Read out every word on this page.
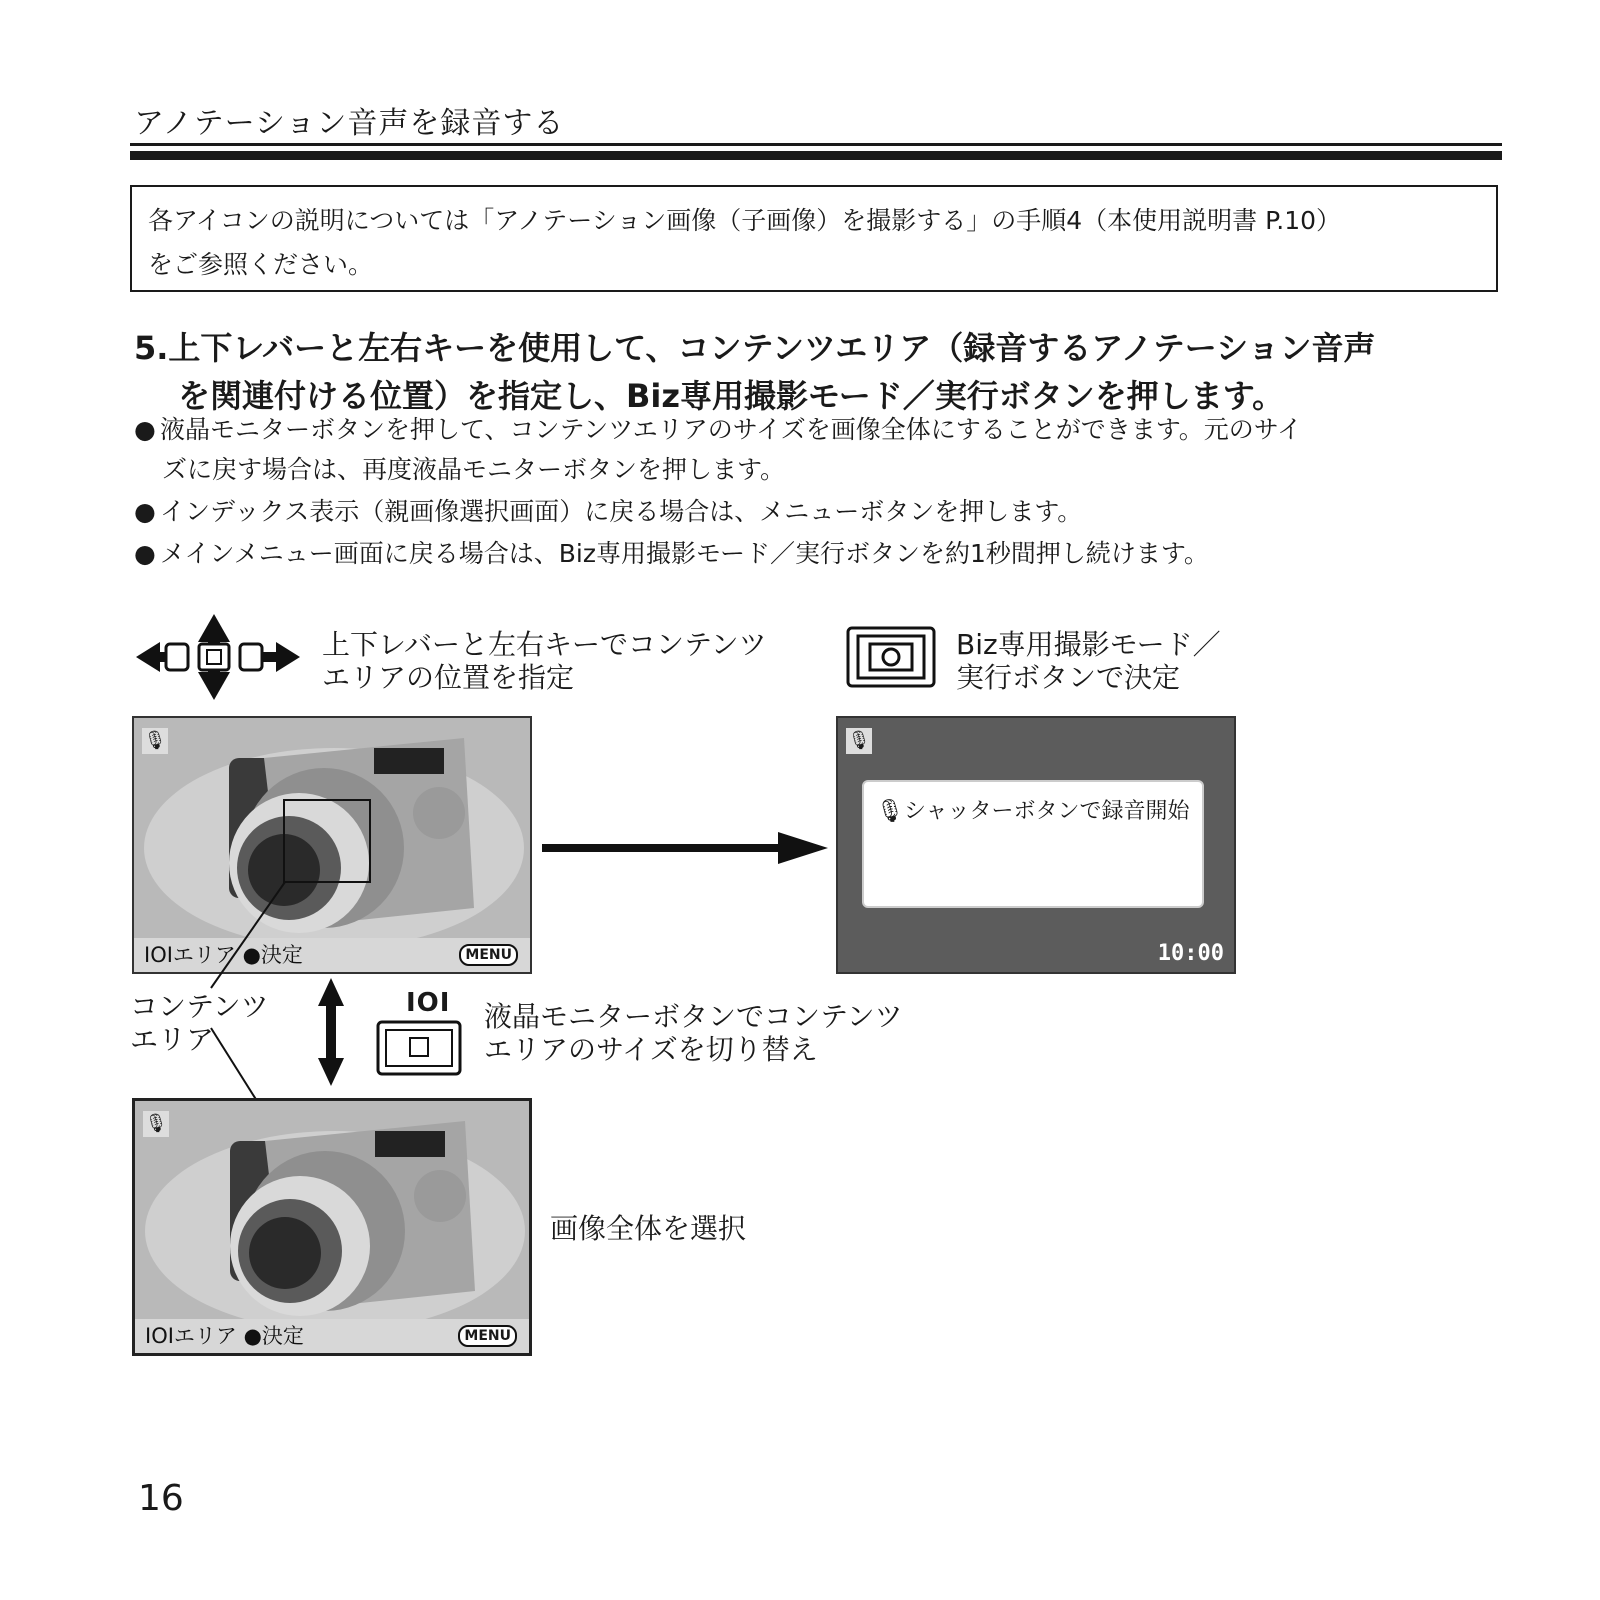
アノテーション音声を録音する
各アイコンの説明については「アノテーション画像（子画像）を撮影する」の手順4（本使用説明書 P.10）
をご参照ください。
5.上下レバーと左右キーを使用して、コンテンツエリア（録音するアノテーション音声
を関連付ける位置）を指定し、Biz専用撮影モード／実行ボタンを押します。
● 液晶モニターボタンを押して、コンテンツエリアのサイズを画像全体にすることができます。元のサイ
ズに戻す場合は、再度液晶モニターボタンを押します。
● インデックス表示（親画像選択画面）に戻る場合は、メニューボタンを押します。
● メインメニュー画面に戻る場合は、Biz専用撮影モード／実行ボタンを約1秒間押し続けます。
上下レバーと左右キーでコンテンツ
エリアの位置を指定
Biz専用撮影モード／
実行ボタンで決定
🎙
IOIエリア ●決定	MENU
🎙
🎙シャッターボタンで録音開始
10:00
コンテンツ
エリア
IOI 液晶モニターボタンでコンテンツ
エリアのサイズを切り替え
🎙
IOIエリア ●決定	MENU
画像全体を選択
16
